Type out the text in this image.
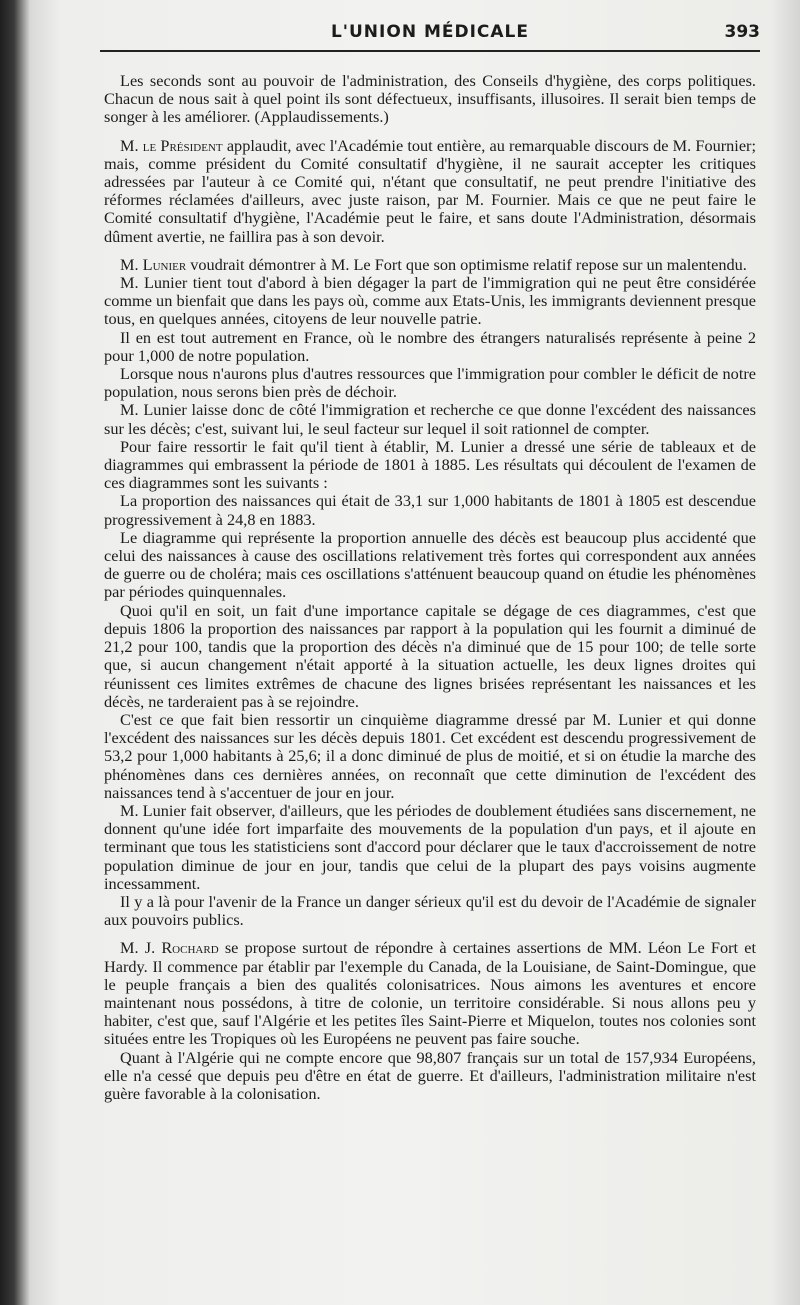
L'UNION MÉDICALE	393

Les seconds sont au pouvoir de l'administration, des Conseils d'hygiène, des corps politiques. Chacun de nous sait à quel point ils sont défectueux, insuffisants, illusoires. Il serait bien temps de songer à les améliorer. (Applaudissements.)

M. le Président applaudit, avec l'Académie tout entière, au remarquable discours de M. Fournier; mais, comme président du Comité consultatif d'hygiène, il ne saurait accepter les critiques adressées par l'auteur à ce Comité qui, n'étant que consultatif, ne peut prendre l'initiative des réformes réclamées d'ailleurs, avec juste raison, par M. Fournier. Mais ce que ne peut faire le Comité consultatif d'hygiène, l'Académie peut le faire, et sans doute l'Administration, désormais dûment avertie, ne faillira pas à son devoir.

M. Lunier voudrait démontrer à M. Le Fort que son optimisme relatif repose sur un malentendu.

M. Lunier tient tout d'abord à bien dégager la part de l'immigration qui ne peut être considérée comme un bienfait que dans les pays où, comme aux Etats-Unis, les immigrants deviennent presque tous, en quelques années, citoyens de leur nouvelle patrie.

Il en est tout autrement en France, où le nombre des étrangers naturalisés représente à peine 2 pour 1,000 de notre population.

Lorsque nous n'aurons plus d'autres ressources que l'immigration pour combler le déficit de notre population, nous serons bien près de déchoir.

M. Lunier laisse donc de côté l'immigration et recherche ce que donne l'excédent des naissances sur les décès; c'est, suivant lui, le seul facteur sur lequel il soit rationnel de compter.

Pour faire ressortir le fait qu'il tient à établir, M. Lunier a dressé une série de tableaux et de diagrammes qui embrassent la période de 1801 à 1885. Les résultats qui découlent de l'examen de ces diagrammes sont les suivants :

La proportion des naissances qui était de 33,1 sur 1,000 habitants de 1801 à 1805 est descendue progressivement à 24,8 en 1883.

Le diagramme qui représente la proportion annuelle des décès est beaucoup plus accidenté que celui des naissances à cause des oscillations relativement très fortes qui correspondent aux années de guerre ou de choléra; mais ces oscillations s'atténuent beaucoup quand on étudie les phénomènes par périodes quinquennales.

Quoi qu'il en soit, un fait d'une importance capitale se dégage de ces diagrammes, c'est que depuis 1806 la proportion des naissances par rapport à la population qui les fournit a diminué de 21,2 pour 100, tandis que la proportion des décès n'a diminué que de 15 pour 100; de telle sorte que, si aucun changement n'était apporté à la situation actuelle, les deux lignes droites qui réunissent ces limites extrêmes de chacune des lignes brisées représentant les naissances et les décès, ne tarderaient pas à se rejoindre.

C'est ce que fait bien ressortir un cinquième diagramme dressé par M. Lunier et qui donne l'excédent des naissances sur les décès depuis 1801. Cet excédent est descendu progressivement de 53,2 pour 1,000 habitants à 25,6; il a donc diminué de plus de moitié, et si on étudie la marche des phénomènes dans ces dernières années, on reconnaît que cette diminution de l'excédent des naissances tend à s'accentuer de jour en jour.

M. Lunier fait observer, d'ailleurs, que les périodes de doublement étudiées sans discernement, ne donnent qu'une idée fort imparfaite des mouvements de la population d'un pays, et il ajoute en terminant que tous les statisticiens sont d'accord pour déclarer que le taux d'accroissement de notre population diminue de jour en jour, tandis que celui de la plupart des pays voisins augmente incessamment.

Il y a là pour l'avenir de la France un danger sérieux qu'il est du devoir de l'Académie de signaler aux pouvoirs publics.

M. J. Rochard se propose surtout de répondre à certaines assertions de MM. Léon Le Fort et Hardy. Il commence par établir par l'exemple du Canada, de la Louisiane, de Saint-Domingue, que le peuple français a bien des qualités colonisatrices. Nous aimons les aventures et encore maintenant nous possédons, à titre de colonie, un territoire considérable. Si nous allons peu y habiter, c'est que, sauf l'Algérie et les petites îles Saint-Pierre et Miquelon, toutes nos colonies sont situées entre les Tropiques où les Européens ne peuvent pas faire souche.

Quant à l'Algérie qui ne compte encore que 98,807 français sur un total de 157,934 Européens, elle n'a cessé que depuis peu d'être en état de guerre. Et d'ailleurs, l'administration militaire n'est guère favorable à la colonisation.
